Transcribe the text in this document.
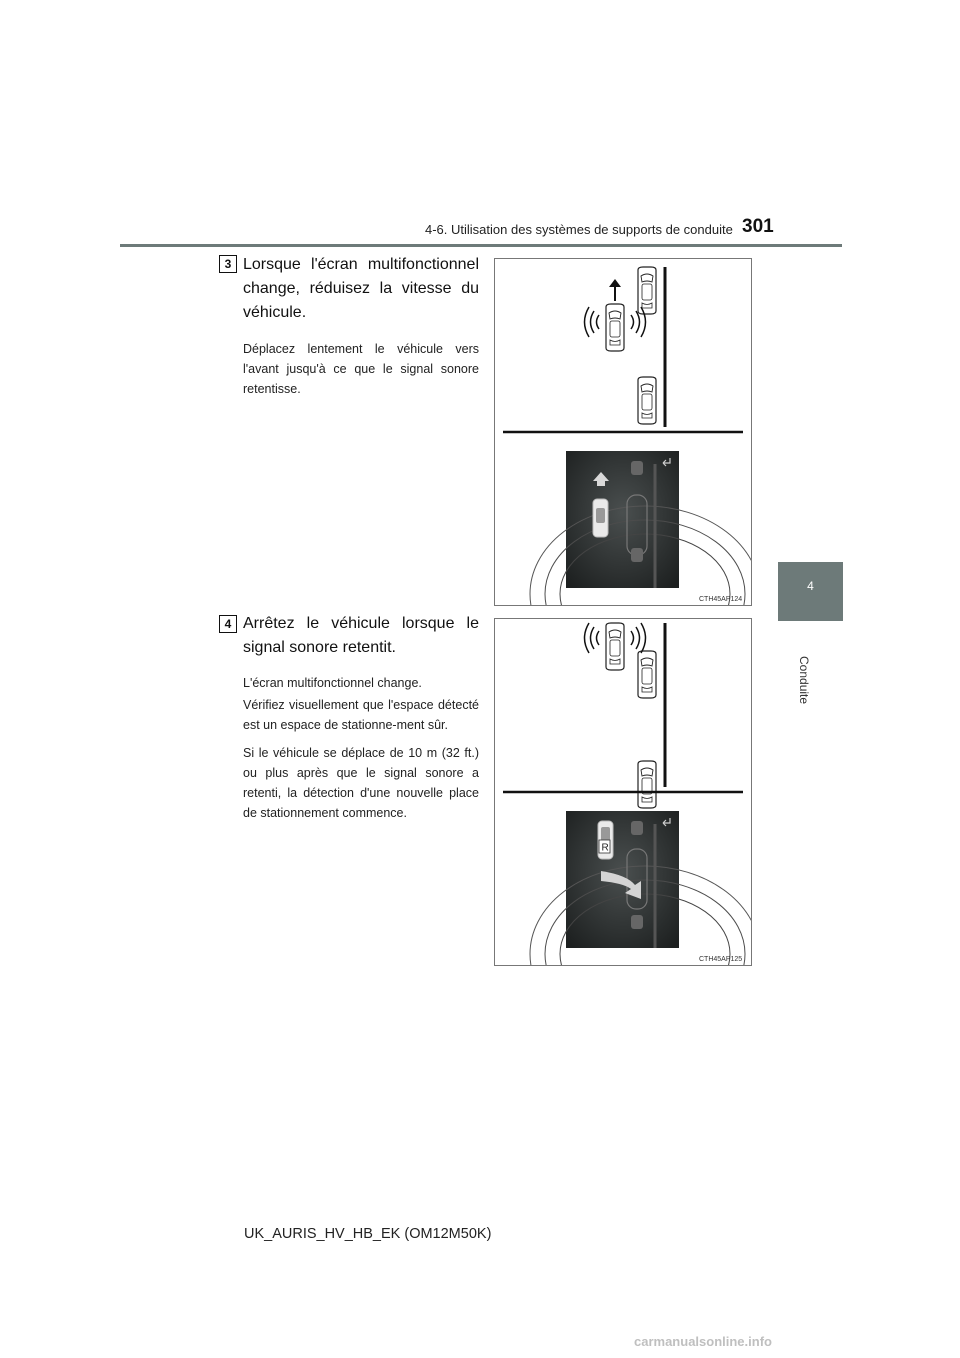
4-6. Utilisation des systèmes de supports de conduite 301
4
Conduite
3 Lorsque l'écran multifonctionnel change, réduisez la vitesse du véhicule.

Déplacez lentement le véhicule vers l'avant jusqu'à ce que le signal sonore retentisse.

CTH45AP124
4 Arrêtez le véhicule lorsque le signal sonore retentit.

L'écran multifonctionnel change.

Vérifiez visuellement que l'espace détecté est un espace de stationne-ment sûr.

Si le véhicule se déplace de 10 m (32 ft.) ou plus après que le signal sonore a retenti, la détection d'une nouvelle place de stationnement commence.

R
CTH45AP125
UK_AURIS_HV_HB_EK (OM12M50K)
carmanualsonline.info
